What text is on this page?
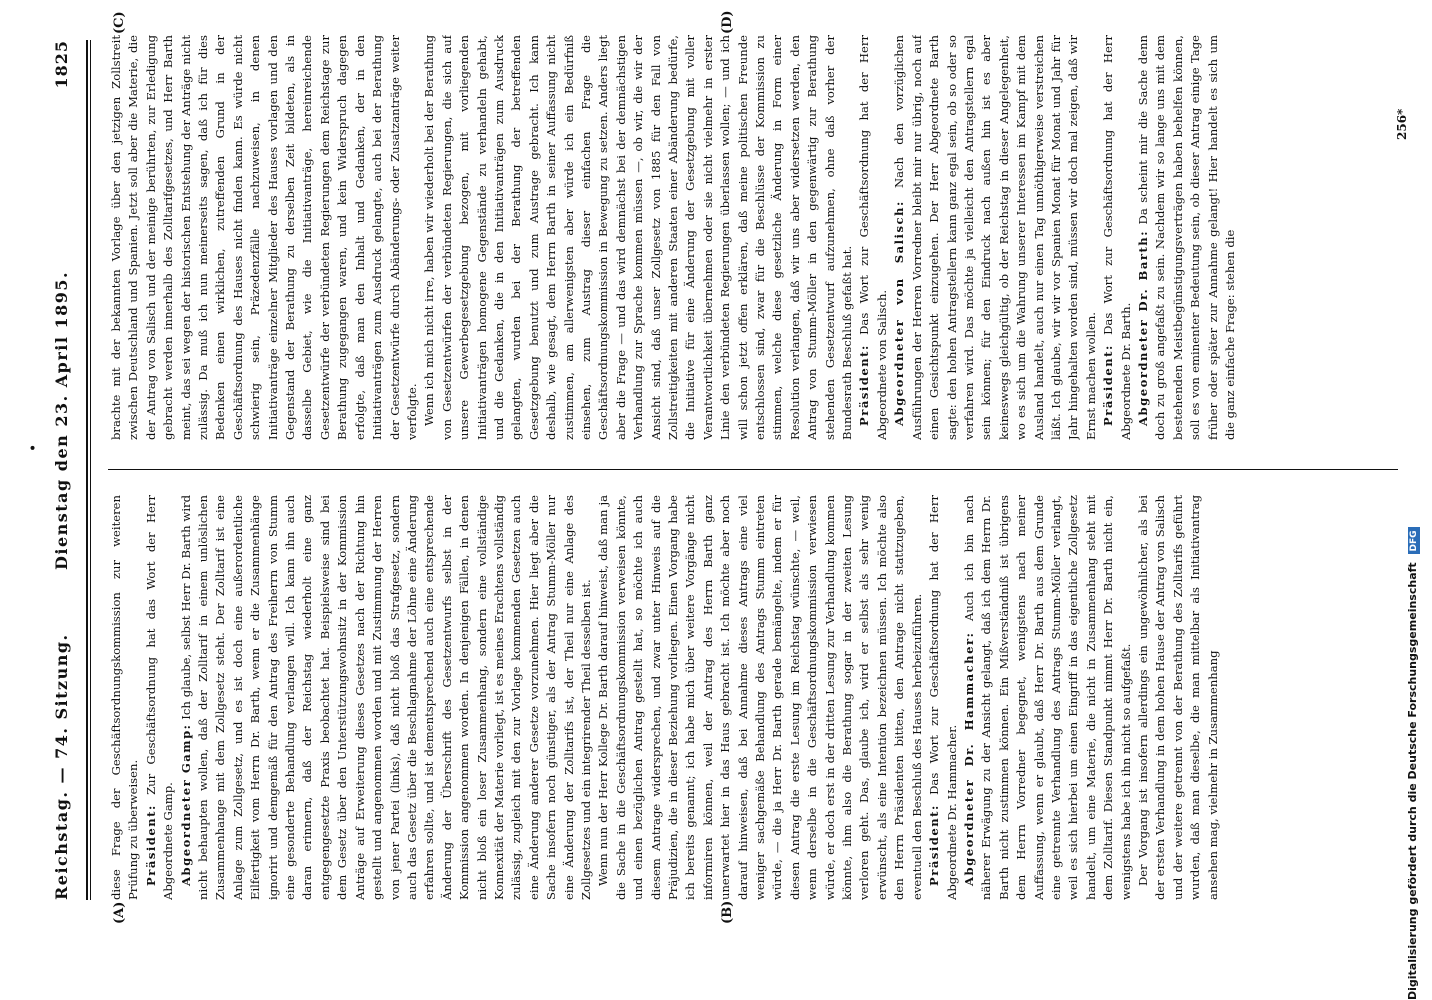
Reichstag. — 74. Sitzung.
Dienstag den 23. April 1895.
1825
•
(A)	(B)
(C)	(D)

diese Frage der Geschäftsordnungskommission zur weiteren Prüfung zu überweisen. Präsident: Zur Geschäftsordnung hat das Wort der Herr Abgeordnete Gamp. Abgeordneter Gamp: Ich glaube, selbst Herr Dr. Barth wird nicht behaupten wollen, daß der Zolltarif in einem unlöslichen Zusammenhange mit dem Zollgesetz steht. Der Zolltarif ist eine Anlage zum Zollgesetz, und es ist doch eine außerordentliche Eilfertigkeit vom Herrn Dr. Barth, wenn er die Zusammenhänge ignorirt und demgemäß für den Antrag des Freiherrn von Stumm eine gesonderte Behandlung verlangen will. Ich kann ihn auch daran erinnern, daß der Reichstag wiederholt eine ganz entgegengesetzte Praxis beobachtet hat. Beispielsweise sind bei dem Gesetz über den Unterstützungswohnsitz in der Kommission Anträge auf Erweiterung dieses Gesetzes nach der Richtung hin gestellt und angenommen worden und mit Zustimmung der Herren von jener Partei (links), daß nicht bloß das Strafgesetz, sondern auch das Gesetz über die Beschlagnahme der Löhne eine Änderung erfahren sollte, und ist dementsprechend auch eine entsprechende Änderung der Überschrift des Gesetzentwurfs selbst in der Kommission angenommen worden. In denjenigen Fällen, in denen nicht bloß ein loser Zusammenhang, sondern eine vollständige Konnexität der Materie vorliegt, ist es meines Erachtens vollständig zulässig, zugleich mit den zur Vorlage kommenden Gesetzen auch eine Änderung anderer Gesetze vorzunehmen. Hier liegt aber die Sache insofern noch günstiger, als der Antrag Stumm-Möller nur eine Änderung der Zolltarifs ist, der Theil nur eine Anlage des Zollgesetzes und ein integrirender Theil desselben ist. Wenn nun der Herr Kollege Dr. Barth darauf hinweist, daß man ja die Sache in die Geschäftsordnungskommission verweisen könnte, und einen bezüglichen Antrag gestellt hat, so möchte ich auch diesem Antrage widersprechen, und zwar unter Hinweis auf die Präjudizien, die in dieser Beziehung vorliegen. Einen Vorgang habe ich bereits genannt; ich habe mich über weitere Vorgänge nicht informiren können, weil der Antrag des Herrn Barth ganz unerwartet hier in das Haus gebracht ist. Ich möchte aber noch darauf hinweisen, daß bei Annahme dieses Antrags eine viel weniger sachgemäße Behandlung des Antrags Stumm eintreten würde, — die ja Herr Dr. Barth gerade bemängelte, indem er für diesen Antrag die erste Lesung im Reichstag wünschte, — weil, wenn derselbe in die Geschäftsordnungskommission verwiesen würde, er doch erst in der dritten Lesung zur Verhandlung kommen könnte, ihm also die Berathung sogar in der zweiten Lesung verloren geht. Das, glaube ich, wird er selbst als sehr wenig erwünscht, als eine Intention bezeichnen müssen. Ich möchte also den Herrn Präsidenten bitten, den Antrage nicht stattzugeben, eventuell den Beschluß des Hauses herbeizuführen. Präsident: Das Wort zur Geschäftsordnung hat der Herr Abgeordnete Dr. Hammacher. Abgeordneter Dr. Hammacher: Auch ich bin nach näherer Erwägung zu der Ansicht gelangt, daß ich dem Herrn Dr. Barth nicht zustimmen können. Ein Mißverständniß ist übrigens dem Herrn Vorredner begegnet, wenigstens nach meiner Auffassung, wenn er glaubt, daß Herr Dr. Barth aus dem Grunde eine getrennte Verhandlung des Antrags Stumm-Möller verlangt, weil es sich hierbei um einen Eingriff in das eigentliche Zollgesetz handelt, um eine Materie, die nicht in Zusammenhang steht mit dem Zolltarif. Diesen Standpunkt nimmt Herr Dr. Barth nicht ein, wenigstens habe ich ihn nicht so aufgefaßt. Der Vorgang ist insofern allerdings ein ungewöhnlicher, als bei der ersten Verhandlung in dem hohen Hause der Antrag von Salisch und der weitere getrennt von der Berathung des Zolltarifs geführt wurden, daß man dieselbe, die man mittelbar als Initiativantrag ansehen mag, vielmehr in Zusammenhang

brachte mit der bekannten Vorlage über den jetzigen Zollstreit zwischen Deutschland und Spanien. Jetzt soll aber die Materie, die der Antrag von Salisch und der meinige berührten, zur Erledigung gebracht werden innerhalb des Zolltarifgesetzes, und Herr Barth meint, das sei wegen der historischen Entstehung der Anträge nicht zulässig. Da muß ich nun meinerseits sagen, daß ich für dies Bedenken einen wirklichen, zutreffenden Grund in der Geschäftsordnung des Hauses nicht finden kann. Es würde nicht schwierig sein, Präzedenzfälle nachzuweisen, in denen Initiativanträge einzelner Mitglieder des Hauses vorlagen und den Gegenstand der Berathung zu derselben Zeit bildeten, als in dasselbe Gebiet, wie die Initiativanträge, hereinreichende Gesetzentwürfe der verbündeten Regierungen dem Reichstage zur Berathung zugegangen waren, und kein Widerspruch dagegen erfolgte, daß man den Inhalt und Gedanken, der in den Initiativanträgen zum Ausdruck gelangte, auch bei der Berathung der Gesetzentwürfe durch Abänderungs- oder Zusatzanträge weiter verfolgte. Wenn ich mich nicht irre, haben wir wiederholt bei der Berathung von Gesetzentwürfen der verbündeten Regierungen, die sich auf unsere Gewerbegesetzgebung bezogen, mit vorliegenden Initiativanträgen homogene Gegenstände zu verhandeln gehabt, und die Gedanken, die in den Initiativanträgen zum Ausdruck gelangten, wurden bei der Berathung der betreffenden Gesetzgebung benutzt und zum Austrage gebracht. Ich kann deshalb, wie gesagt, dem Herrn Barth in seiner Auffassung nicht zustimmen, am allerwenigsten aber würde ich ein Bedürfniß einsehen, zum Austrag dieser einfachen Frage die Geschäftsordnungskommission in Bewegung zu setzen. Anders liegt aber die Frage — und das wird demnächst bei der demnächstigen Verhandlung zur Sprache kommen müssen —, ob wir, die wir der Ansicht sind, daß unser Zollgesetz von 1885 für den Fall von Zollstreitigkeiten mit anderen Staaten einer Abänderung bedürfe, die Initiative für eine Änderung der Gesetzgebung mit voller Verantwortlichkeit übernehmen oder sie nicht vielmehr in erster Linie den verbündeten Regierungen überlassen wollen; — und ich will schon jetzt offen erklären, daß meine politischen Freunde entschlossen sind, zwar für die Beschlüsse der Kommission zu stimmen, welche diese gesetzliche Änderung in Form einer Resolution verlangen, daß wir uns aber widersetzen werden, den Antrag von Stumm-Möller in den gegenwärtig zur Berathung stehenden Gesetzentwurf aufzunehmen, ohne daß vorher der Bundesrath Beschluß gefaßt hat. Präsident: Das Wort zur Geschäftsordnung hat der Herr Abgeordnete von Salisch. Abgeordneter von Salisch: Nach den vorzüglichen Ausführungen der Herren Vorredner bleibt mir nur übrig, noch auf einen Gesichtspunkt einzugehen. Der Herr Abgeordnete Barth sagte: den hohen Antragstellern kann ganz egal sein, ob so oder so verfahren wird. Das möchte ja vielleicht den Antragstellern egal sein können; für den Eindruck nach außen hin ist es aber keineswegs gleichgültig, ob der Reichstag in dieser Angelegenheit, wo es sich um die Wahrung unserer Interessen im Kampf mit dem Ausland handelt, auch nur einen Tag unnöthigerweise verstreichen läßt. Ich glaube, wir wir vor Spanien Monat für Monat und Jahr für Jahr hingehalten worden sind, müssen wir doch mal zeigen, daß wir Ernst machen wollen. Präsident: Das Wort zur Geschäftsordnung hat der Herr Abgeordnete Dr. Barth. Abgeordneter Dr. Barth: Da scheint mir die Sache denn doch zu groß angefaßt zu sein. Nachdem wir so lange uns mit dem bestehenden Meistbegünstigungsverträgen haben behelfen können, soll es von eminenter Bedeutung sein, ob dieser Antrag einige Tage früher oder später zur Annahme gelangt! Hier handelt es sich um die ganz einfache Frage: stehen die

256*
Digitalisierung gefördert durch die Deutsche Forschungsgemeinschaft DFG
